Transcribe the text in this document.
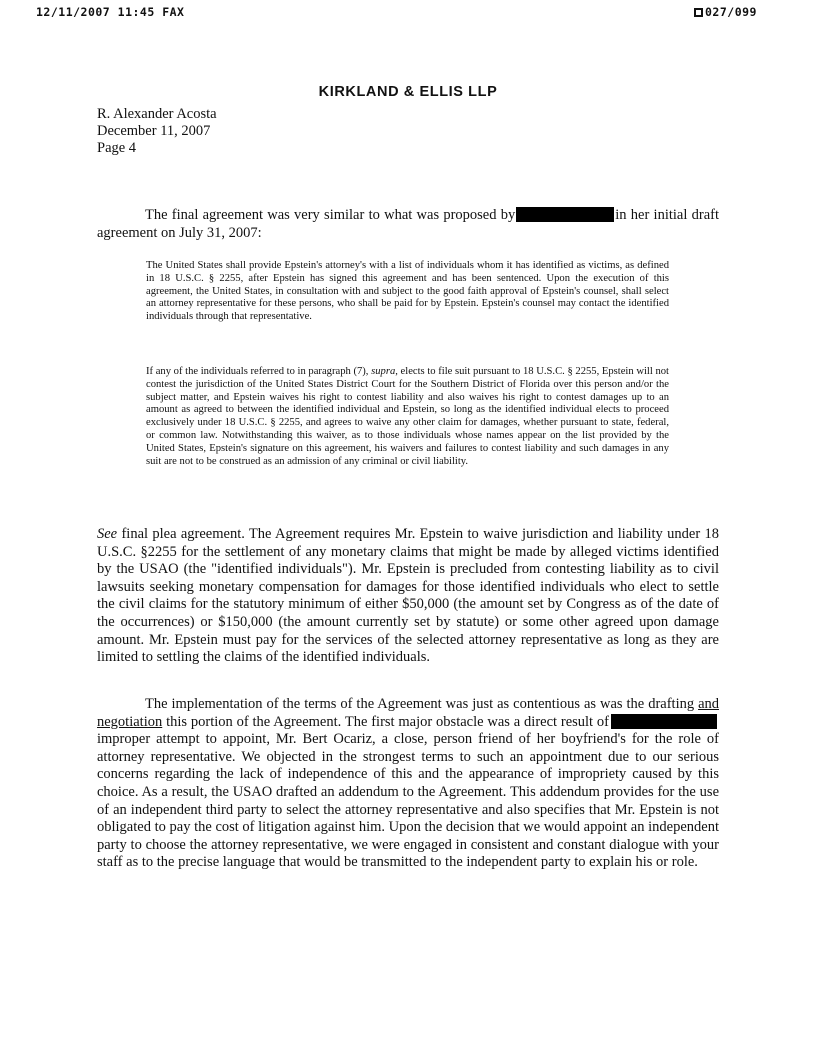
12/11/2007 11:45 FAX	027/099
KIRKLAND & ELLIS LLP
R. Alexander Acosta
December 11, 2007
Page 4

The final agreement was very similar to what was proposed by	in her initial draft agreement on July 31, 2007:

The United States shall provide Epstein's attorney's with a list of individuals whom it has identified as victims, as defined in 18 U.S.C. § 2255, after Epstein has signed this agreement and has been sentenced. Upon the execution of this agreement, the United States, in consultation with and subject to the good faith approval of Epstein's counsel, shall select an attorney representative for these persons, who shall be paid for by Epstein. Epstein's counsel may contact the identified individuals through that representative.
If any of the individuals referred to in paragraph (7), supra, elects to file suit pursuant to 18 U.S.C. § 2255, Epstein will not contest the jurisdiction of the United States District Court for the Southern District of Florida over this person and/or the subject matter, and Epstein waives his right to contest liability and also waives his right to contest damages up to an amount as agreed to between the identified individual and Epstein, so long as the identified individual elects to proceed exclusively under 18 U.S.C. § 2255, and agrees to waive any other claim for damages, whether pursuant to state, federal, or common law. Notwithstanding this waiver, as to those individuals whose names appear on the list provided by the United States, Epstein's signature on this agreement, his waivers and failures to contest liability and such damages in any suit are not to be construed as an admission of any criminal or civil liability.

See final plea agreement. The Agreement requires Mr. Epstein to waive jurisdiction and liability under 18 U.S.C. §2255 for the settlement of any monetary claims that might be made by alleged victims identified by the USAO (the "identified individuals"). Mr. Epstein is precluded from contesting liability as to civil lawsuits seeking monetary compensation for damages for those identified individuals who elect to settle the civil claims for the statutory minimum of either $50,000 (the amount set by Congress as of the date of the occurrences) or $150,000 (the amount currently set by statute) or some other agreed upon damage amount. Mr. Epstein must pay for the services of the selected attorney representative as long as they are limited to settling the claims of the identified individuals.

The implementation of the terms of the Agreement was just as contentious as was the drafting and negotiation this portion of the Agreement. The first major obstacle was a direct result ofimproper attempt to appoint, Mr. Bert Ocariz, a close, person friend of her boyfriend's for the role of attorney representative. We objected in the strongest terms to such an appointment due to our serious concerns regarding the lack of independence of this and the appearance of impropriety caused by this choice. As a result, the USAO drafted an addendum to the Agreement. This addendum provides for the use of an independent third party to select the attorney representative and also specifies that Mr. Epstein is not obligated to pay the cost of litigation against him. Upon the decision that we would appoint an independent party to choose the attorney representative, we were engaged in consistent and constant dialogue with your staff as to the precise language that would be transmitted to the independent party to explain his or role.
